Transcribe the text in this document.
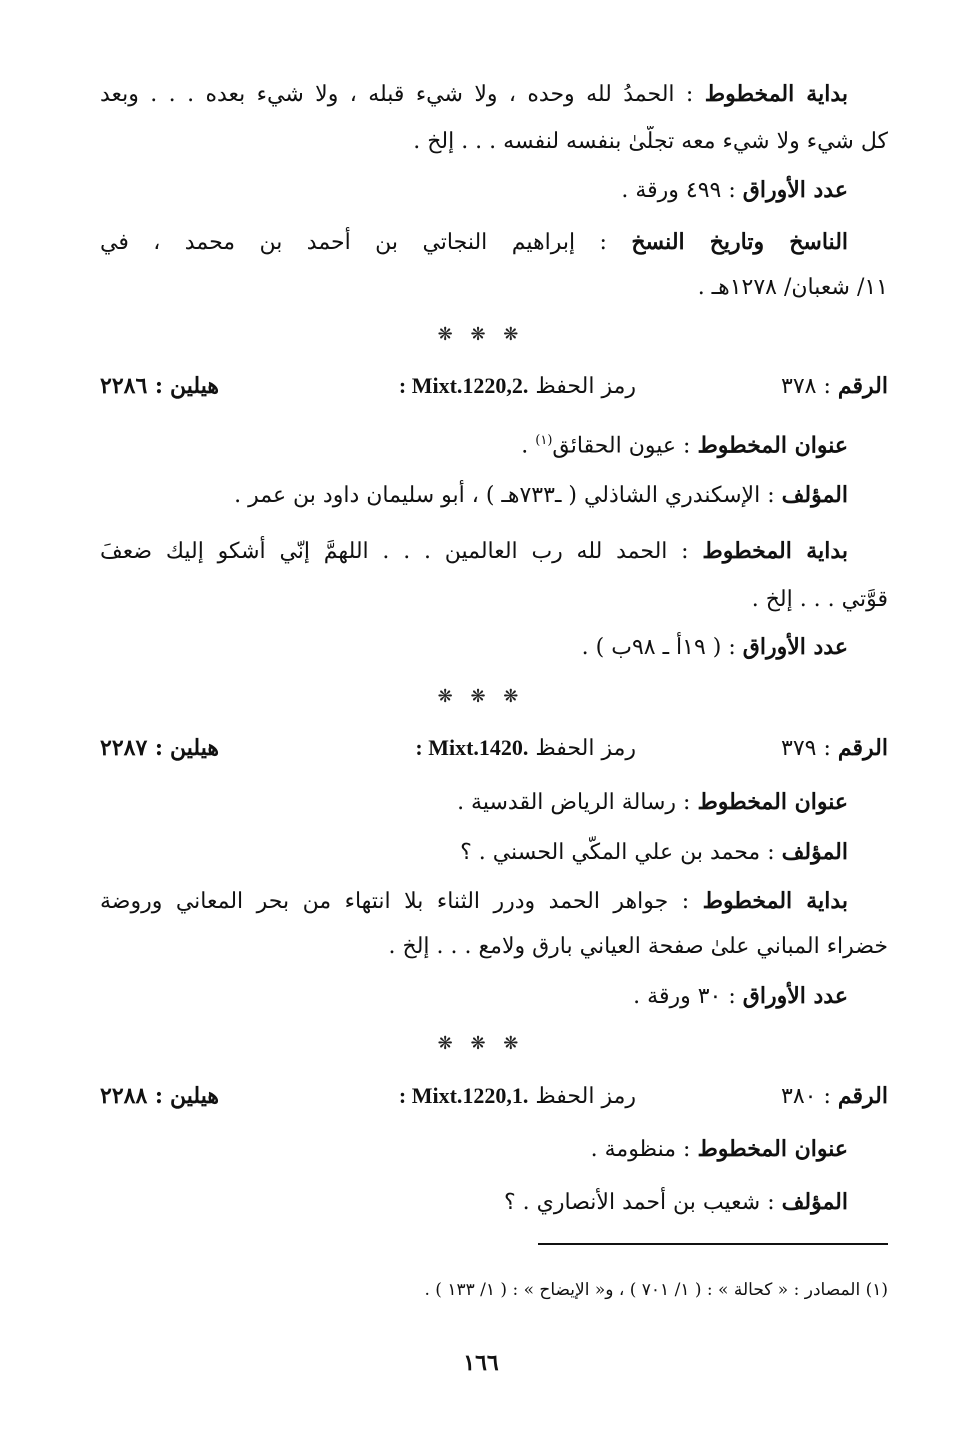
بداية المخطوط : الحمدُ لله وحده ، ولا شيء قبله ، ولا شيء بعده . . . وبعد
كل شيء ولا شيء معه تجلّىٰ بنفسه لنفسه . . . إلخ .
عدد الأوراق : ٤٩٩ ورقة .
الناسخ وتاريخ النسخ : إبراهيم النجاتي بن أحمد بن محمد ، في
١١/ شعبان/ ١٢٧٨هـ .
❋ ❋ ❋
الرقم : ٣٧٨
رمز الحفظ : Mixt.1220,2.
هيلين : ٢٢٨٦
عنوان المخطوط : عيون الحقائق$^{(١)}$ .
المؤلف : الإسكندري الشاذلي ( ـ٧٣٣هـ ) ، أبو سليمان داود بن عمر .
بداية المخطوط : الحمد لله رب العالمين . . . اللهمَّ إنّي أشكو إليك ضعفَ
قوَّتي . . . إلخ .
عدد الأوراق : ( ١٩أ ـ ٩٨ب ) .
❋ ❋ ❋
الرقم : ٣٧٩
رمز الحفظ : Mixt.1420.
هيلين : ٢٢٨٧
عنوان المخطوط : رسالة الرياض القدسية .
المؤلف : محمد بن علي المكّي الحسني . ؟
بداية المخطوط : جواهر الحمد ودرر الثناء بلا انتهاء من بحر المعاني وروضة
خضراء المباني علىٰ صفحة العياني بارق ولامع . . . إلخ .
عدد الأوراق : ٣٠ ورقة .
❋ ❋ ❋
الرقم : ٣٨٠
رمز الحفظ : Mixt.1220,1.
هيلين : ٢٢٨٨
عنوان المخطوط : منظومة .
المؤلف : شعيب بن أحمد الأنصاري . ؟
(١) المصادر : « كحالة » : ( ١/ ٧٠١ ) ، و« الإيضاح » : ( ١/ ١٣٣ ) .
١٦٦
